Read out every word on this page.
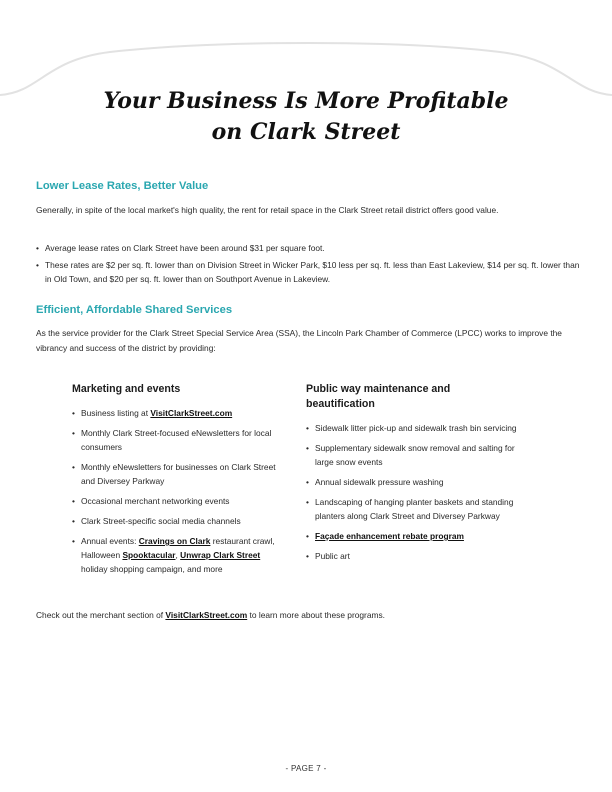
Your Business Is More Profitable
on Clark Street
Lower Lease Rates, Better Value
Generally, in spite of the local market's high quality, the rent for retail space in the Clark Street retail district offers good value.
• Average lease rates on Clark Street have been around $31 per square foot.
• These rates are $2 per sq. ft. lower than on Division Street in Wicker Park, $10 less per sq. ft. less than East Lakeview, $14 per sq. ft. lower than in Old Town, and $20 per sq. ft. lower than on Southport Avenue in Lakeview.
Efficient, Affordable Shared Services
As the service provider for the Clark Street Special Service Area (SSA), the Lincoln Park Chamber of Commerce (LPCC) works to improve the vibrancy and success of the district by providing:
Marketing and events
• Business listing at VisitClarkStreet.com
• Monthly Clark Street-focused eNewsletters for local consumers
• Monthly eNewsletters for businesses on Clark Street and Diversey Parkway
• Occasional merchant networking events
• Clark Street-specific social media channels
• Annual events: Cravings on Clark restaurant crawl, Halloween Spooktacular, Unwrap Clark Street holiday shopping campaign, and more
Public way maintenance and beautification
• Sidewalk litter pick-up and sidewalk trash bin servicing
• Supplementary sidewalk snow removal and salting for large snow events
• Annual sidewalk pressure washing
• Landscaping of hanging planter baskets and standing planters along Clark Street and Diversey Parkway
• Façade enhancement rebate program
• Public art
Check out the merchant section of VisitClarkStreet.com to learn more about these programs.
- PAGE 7 -
